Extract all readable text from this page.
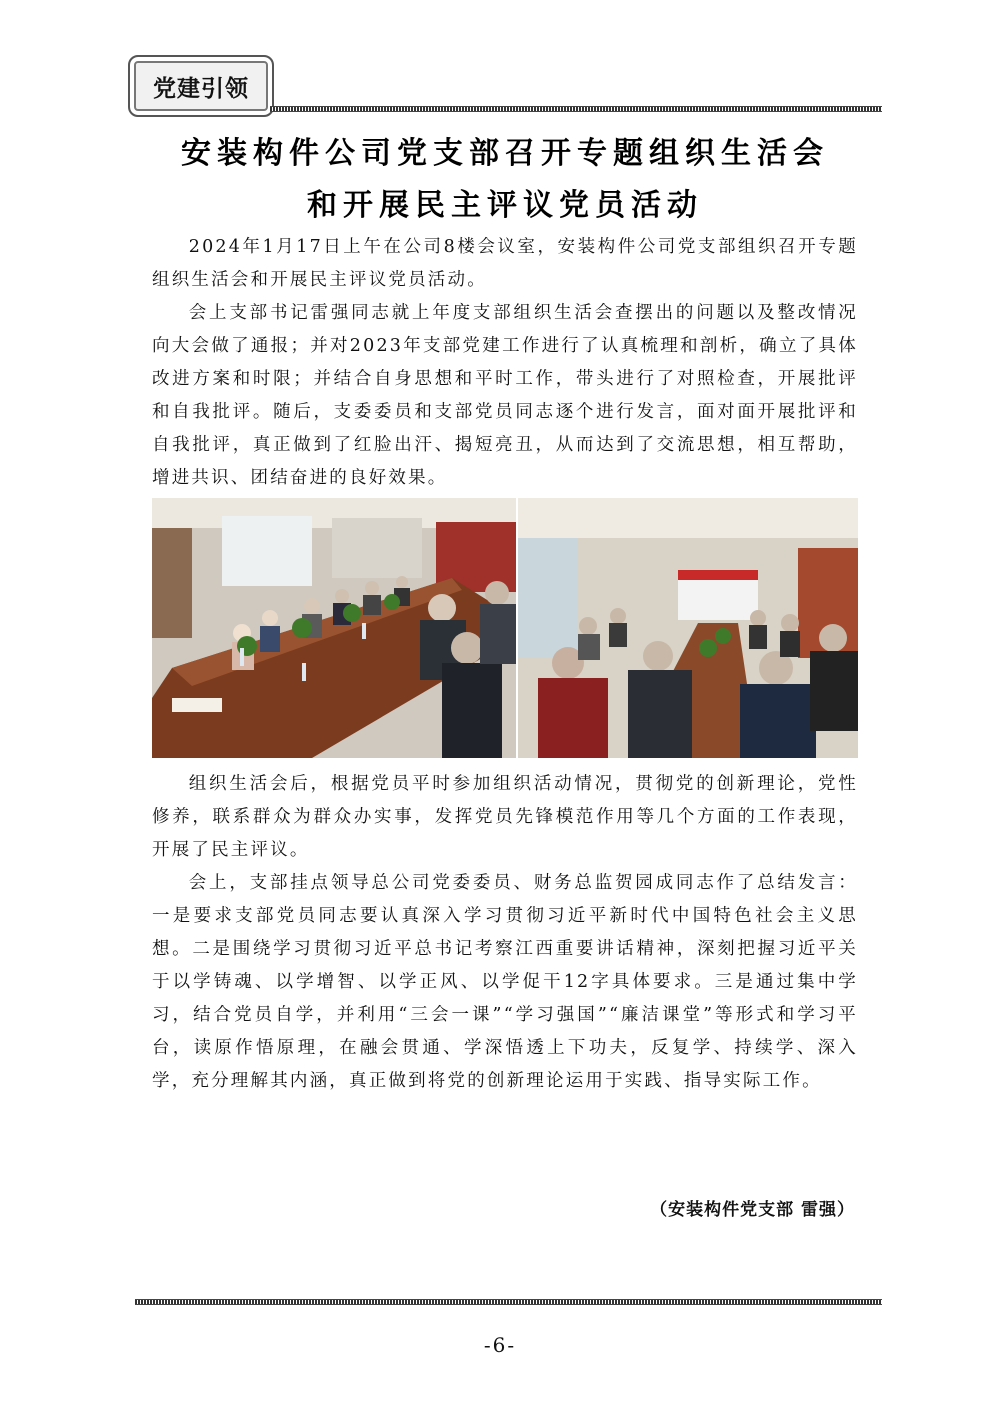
党建引领
安装构件公司党支部召开专题组织生活会
和开展民主评议党员活动

2024年1月17日上午在公司8楼会议室，安装构件公司党支部组织召开专题组织生活会和开展民主评议党员活动。

会上支部书记雷强同志就上年度支部组织生活会查摆出的问题以及整改情况向大会做了通报；并对2023年支部党建工作进行了认真梳理和剖析，确立了具体改进方案和时限；并结合自身思想和平时工作，带头进行了对照检查，开展批评和自我批评。随后，支委委员和支部党员同志逐个进行发言，面对面开展批评和自我批评，真正做到了红脸出汗、揭短亮丑，从而达到了交流思想，相互帮助，增进共识、团结奋进的良好效果。

组织生活会后，根据党员平时参加组织活动情况，贯彻党的创新理论，党性修养，联系群众为群众办实事，发挥党员先锋模范作用等几个方面的工作表现，开展了民主评议。

会上，支部挂点领导总公司党委委员、财务总监贺园成同志作了总结发言：一是要求支部党员同志要认真深入学习贯彻习近平新时代中国特色社会主义思想。二是围绕学习贯彻习近平总书记考察江西重要讲话精神，深刻把握习近平关于以学铸魂、以学增智、以学正风、以学促干12字具体要求。三是通过集中学习，结合党员自学，并利用“三会一课”“学习强国”“廉洁课堂”等形式和学习平台，读原作悟原理，在融会贯通、学深悟透上下功夫，反复学、持续学、深入学，充分理解其内涵，真正做到将党的创新理论运用于实践、指导实际工作。

（安装构件党支部 雷强）
-6-
